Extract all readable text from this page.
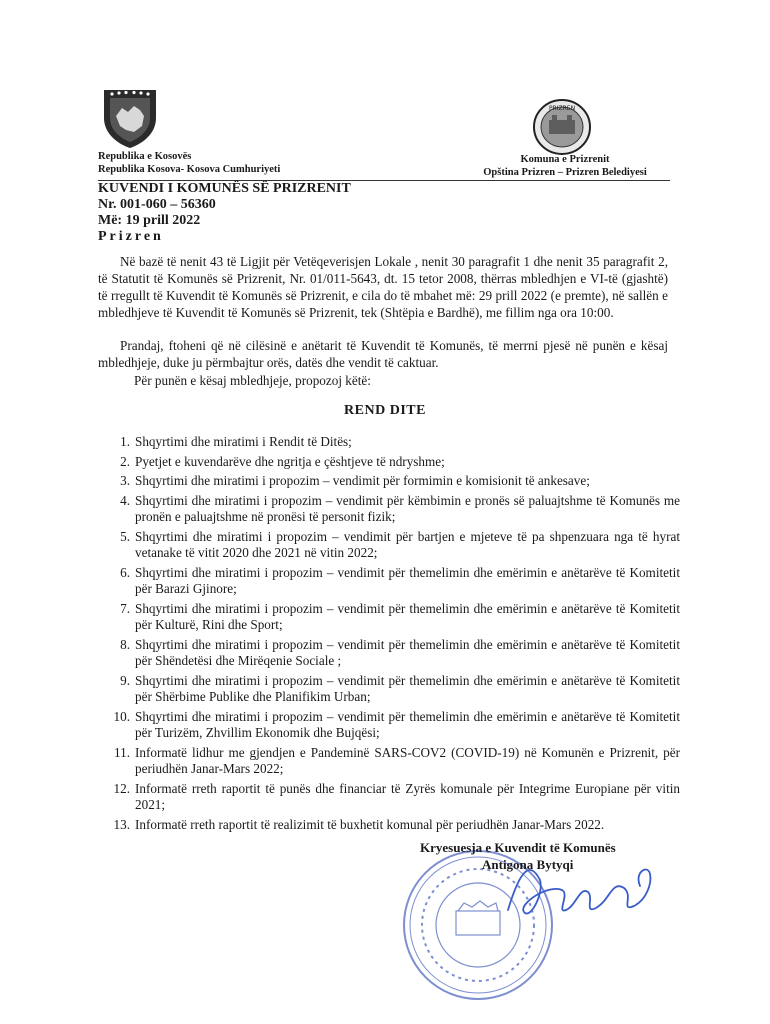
PRIZREN
Republika e Kosovës
Republika Kosova- Kosova Cumhuriyeti
Komuna e Prizrenit
Opština Prizren – Prizren Belediyesi
KUVENDI I KOMUNËS SË PRIZRENIT
Nr. 001-060 – 56360
Më: 19 prill 2022
Prizren
Në bazë të nenit 43 të Ligjit për Vetëqeverisjen Lokale , nenit 30 paragrafit 1 dhe nenit 35 paragrafit 2, të Statutit të Komunës së Prizrenit, Nr. 01/011-5643, dt. 15 tetor 2008, thërras mbledhjen e VI-të (gjashtë) të rregullt të Kuvendit të Komunës së Prizrenit, e cila do të mbahet më: 29 prill 2022 (e premte), në sallën e mbledhjeve të Kuvendit të Komunës së Prizrenit, tek (Shtëpia e Bardhë), me fillim nga ora 10:00.
Prandaj, ftoheni që në cilësinë e anëtarit të Kuvendit të Komunës, të merrni pjesë në punën e kësaj mbledhjeje, duke ju përmbajtur orës, datës dhe vendit të caktuar.
Për punën e kësaj mbledhjeje, propozoj këtë:
REND DITE
1. Shqyrtimi dhe miratimi i Rendit të Ditës;
2. Pyetjet e kuvendarëve dhe ngritja e çështjeve të ndryshme;
3. Shqyrtimi dhe miratimi i propozim – vendimit për formimin e komisionit të ankesave;
4. Shqyrtimi dhe miratimi i propozim – vendimit për këmbimin e pronës së paluajtshme të Komunës me pronën e paluajtshme në pronësi të personit fizik;
5. Shqyrtimi dhe miratimi i propozim – vendimit për bartjen e mjeteve të pa shpenzuara nga të hyrat vetanake të vitit 2020 dhe 2021 në vitin 2022;
6. Shqyrtimi dhe miratimi i propozim – vendimit për themelimin dhe emërimin e anëtarëve të Komitetit për Barazi Gjinore;
7. Shqyrtimi dhe miratimi i propozim – vendimit për themelimin dhe emërimin e anëtarëve të Komitetit për Kulturë, Rini dhe Sport;
8. Shqyrtimi dhe miratimi i propozim – vendimit për themelimin dhe emërimin e anëtarëve të Komitetit për Shëndetësi dhe Mirëqenie Sociale ;
9. Shqyrtimi dhe miratimi i propozim – vendimit për themelimin dhe emërimin e anëtarëve të Komitetit për Shërbime Publike dhe Planifikim Urban;
10. Shqyrtimi dhe miratimi i propozim – vendimit për themelimin dhe emërimin e anëtarëve të Komitetit për Turizëm, Zhvillim Ekonomik dhe Bujqësi;
11. Informatë lidhur me gjendjen e Pandeminë SARS-COV2 (COVID-19) në Komunën e Prizrenit, për periudhën Janar-Mars 2022;
12. Informatë rreth raportit të punës dhe financiar të Zyrës komunale për Integrime Europiane për vitin 2021;
13. Informatë rreth raportit të realizimit të buxhetit komunal për periudhën Janar-Mars 2022.
Kryesuesja e Kuvendit të Komunës
Antigona Bytyqi
